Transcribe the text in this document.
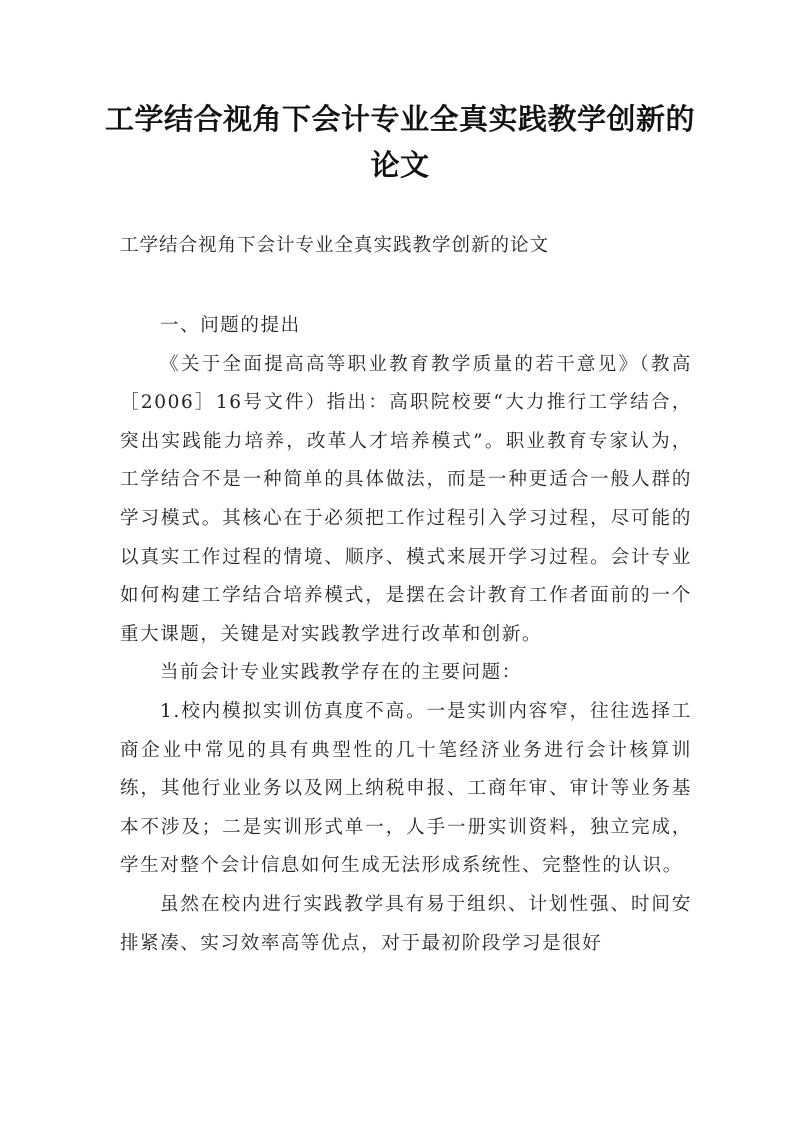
工学结合视角下会计专业全真实践教学创新的论文

工学结合视角下会计专业全真实践教学创新的论文

一、问题的提出

《关于全面提高高等职业教育教学质量的若干意见》（教高［2006］16号文件）指出：高职院校要“大力推行工学结合，突出实践能力培养，改革人才培养模式”。职业教育专家认为，工学结合不是一种简单的具体做法，而是一种更适合一般人群的学习模式。其核心在于必须把工作过程引入学习过程，尽可能的以真实工作过程的情境、顺序、模式来展开学习过程。会计专业如何构建工学结合培养模式，是摆在会计教育工作者面前的一个重大课题，关键是对实践教学进行改革和创新。

当前会计专业实践教学存在的主要问题：

1.校内模拟实训仿真度不高。一是实训内容窄，往往选择工商企业中常见的具有典型性的几十笔经济业务进行会计核算训练，其他行业业务以及网上纳税申报、工商年审、审计等业务基本不涉及；二是实训形式单一，人手一册实训资料，独立完成，学生对整个会计信息如何生成无法形成系统性、完整性的认识。

虽然在校内进行实践教学具有易于组织、计划性强、时间安排紧凑、实习效率高等优点，对于最初阶段学习是很好
